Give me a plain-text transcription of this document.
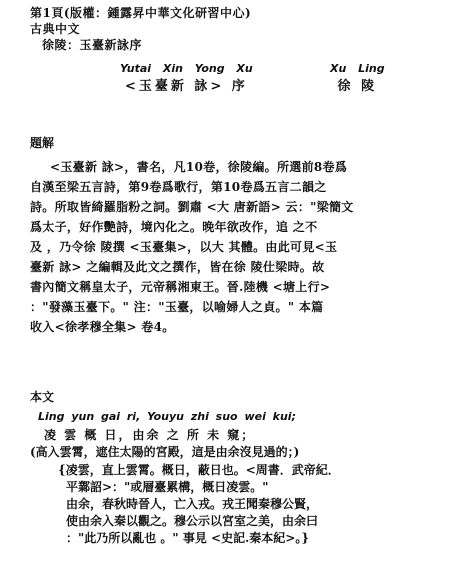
第1頁(版權：鍾露昇中華文化研習中心)
古典中文
徐陵：玉臺新詠序
Yutai Xin Yong Xu
<玉臺新 詠> 序
Xu Ling
徐 陵
題解
<玉臺新 詠>，書名，凡10卷，徐陵編。所選前8卷爲
自漢至梁五言詩，第9卷爲歌行，第10卷爲五言二韻之
詩。所取皆綺羅脂粉之詞。劉肅 <大 唐新語> 云："梁簡文
爲太子，好作艷詩，境內化之。晚年欲改作，追 之不
及 ，乃令徐 陵撰 <玉臺集>，以大 其體。由此可見<玉
臺新 詠> 之編輯及此文之撰作，皆在徐 陵仕梁時。故
書內簡文稱皇太子，元帝稱湘東王。晉.陸機 <塘上行>
："發藻玉臺下。" 注："玉臺，以喻婦人之貞。" 本篇
收入<徐孝穆全集> 卷4。
本文
Ling yun gai ri, Youyu zhi suo wei kui;
凌 雲 概 日，由余 之 所 未 窺；
(高入雲霄，遮住太陽的宮殿，這是由余沒見過的；)
{凌雲，直上雲霄。概日，蔽日也。<周書．武帝紀．
平鄴詔>："或層臺累構，概日凌雲。"
由余，春秋時晉人，亡入戎。戎王聞秦穆公賢，
使由余入秦以觀之。穆公示以宮室之美，由余曰
："此乃所以亂也 。" 事見 <史記.秦本紀>。}
